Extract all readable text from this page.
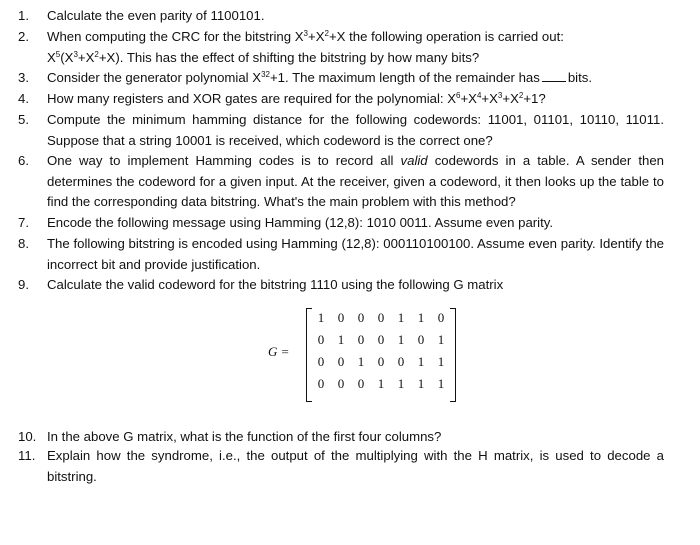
1.	Calculate the even parity of 1100101.
2.	When computing the CRC for the bitstring $X^3+X^2+X$ the following operation is carried out:
$X^5(X^3+X^2+X)$. This has the effect of shifting the bitstring by how many bits?
3.	Consider the generator polynomial $X^{32}+1$. The maximum length of the remainder has bits.
4.	How many registers and XOR gates are required for the polynomial: $X^6+X^4+X^3+X^2+1$?
5.	Compute the minimum hamming distance for the following codewords: 11001, 01101, 10110, 11011. Suppose that a string 10001 is received, which codeword is the correct one?
6.	One way to implement Hamming codes is to record all valid codewords in a table. A sender then determines the codeword for a given input. At the receiver, given a codeword, it then looks up the table to find the corresponding data bitstring. What's the main problem with this method?
7.	Encode the following message using Hamming (12,8): 1010 0011. Assume even parity.
8.	The following bitstring is encoded using Hamming (12,8): 000110100100. Assume even parity. Identify the incorrect bit and provide justification.
9.	Calculate the valid codeword for the bitstring 1110 using the following G matrix
G =
1	0	0	0	1	1	0
0	1	0	0	1	0	1
0	0	1	0	0	1	1
0	0	0	1	1	1	1
10. In the above G matrix, what is the function of the first four columns?
11. Explain how the syndrome, i.e., the output of the multiplying with the H matrix, is used to decode a bitstring.
